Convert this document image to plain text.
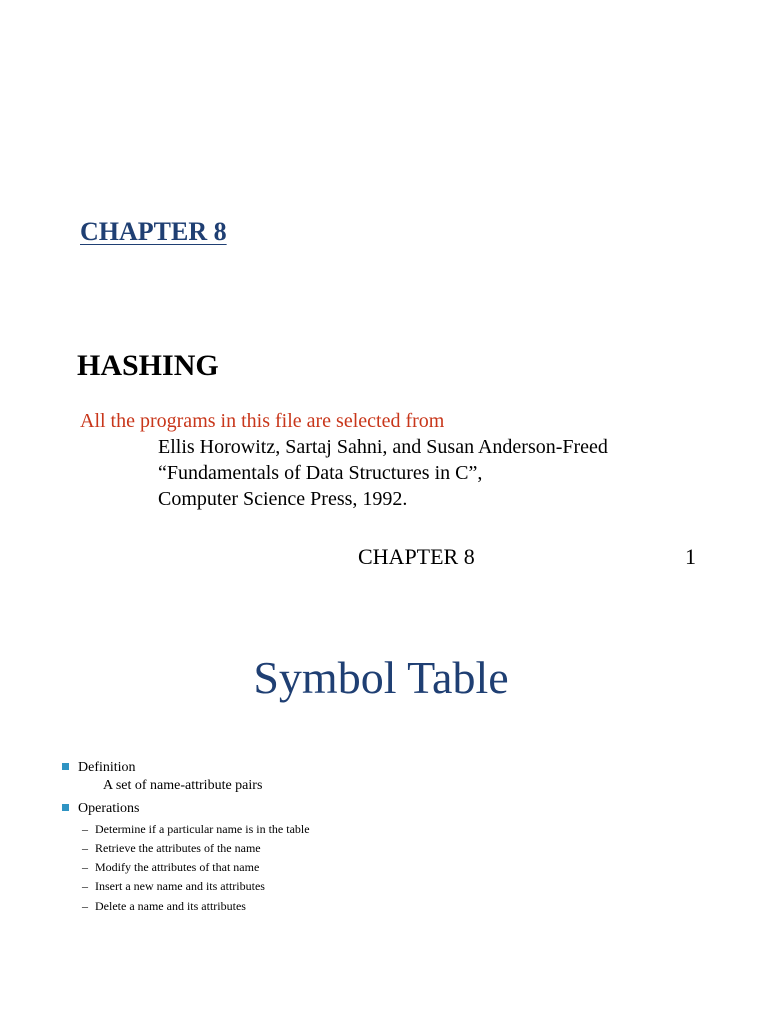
CHAPTER 8
HASHING
All the programs in this file are selected from
Ellis Horowitz, Sartaj Sahni, and Susan Anderson-Freed
“Fundamentals of Data Structures in C”,
Computer Science Press, 1992.
CHAPTER 8	1
Symbol Table
Definition
A set of name-attribute pairs
Operations
– Determine if a particular name is in the table
– Retrieve the attributes of the name
– Modify the attributes of that name
– Insert a new name and its attributes
– Delete a name and its attributes
